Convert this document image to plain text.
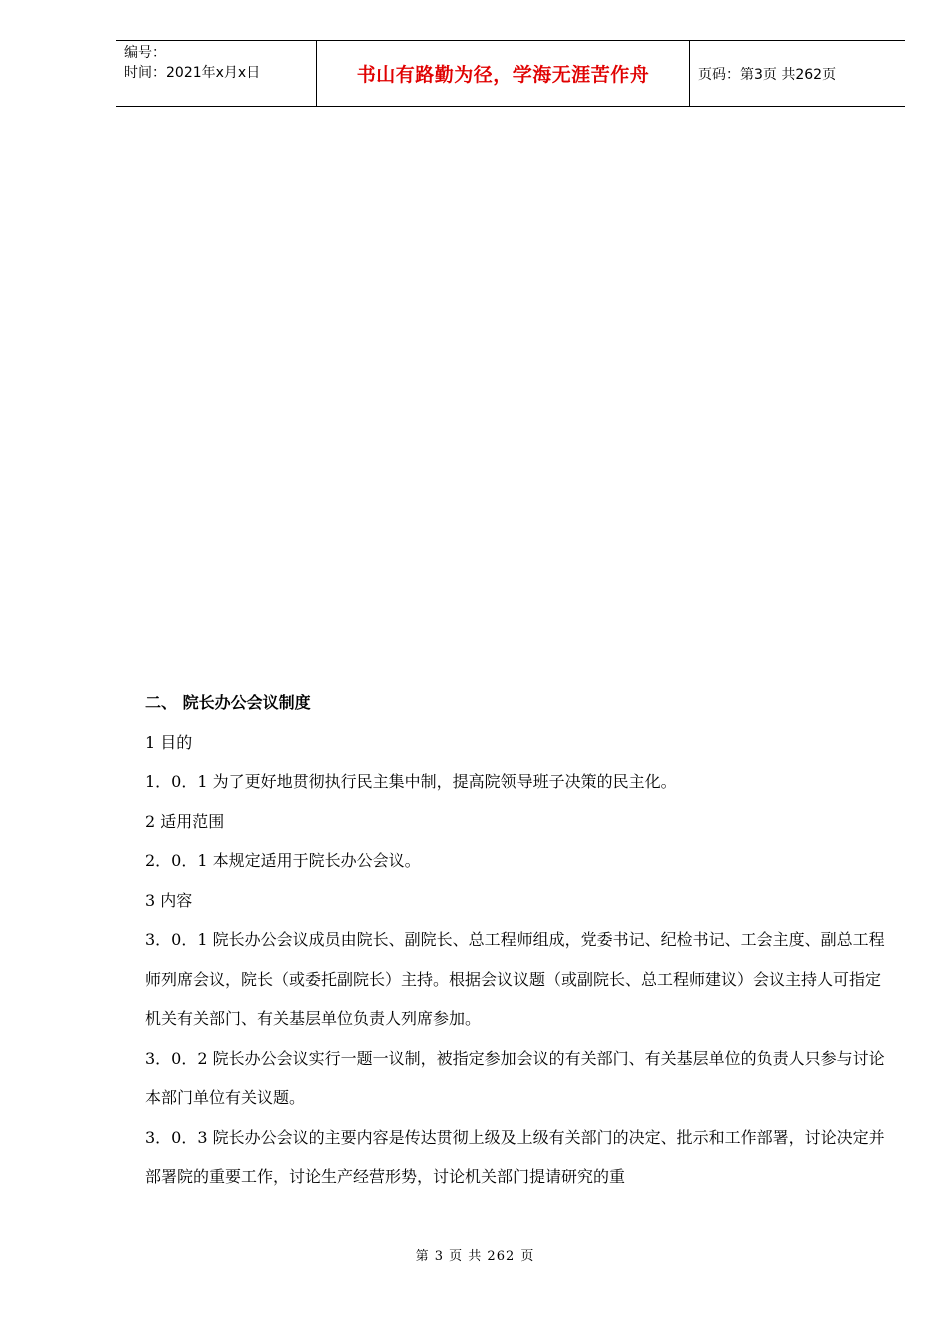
编号：
时间：2021年x月x日	书山有路勤为径，学海无涯苦作舟	页码：第3页 共262页

二、 院长办公会议制度

1 目的

1．0．1 为了更好地贯彻执行民主集中制，提高院领导班子决策的民主化。

2 适用范围

2．0．1 本规定适用于院长办公会议。

3 内容

3．0．1 院长办公会议成员由院长、副院长、总工程师组成，党委书记、纪检书记、工会主度、副总工程师列席会议，院长（或委托副院长）主持。根据会议议题（或副院长、总工程师建议）会议主持人可指定机关有关部门、有关基层单位负责人列席参加。

3．0．2 院长办公会议实行一题一议制，被指定参加会议的有关部门、有关基层单位的负责人只参与讨论本部门单位有关议题。

3．0．3 院长办公会议的主要内容是传达贯彻上级及上级有关部门的决定、批示和工作部署，讨论决定并部署院的重要工作，讨论生产经营形势，讨论机关部门提请研究的重

第 3 页 共 262 页
